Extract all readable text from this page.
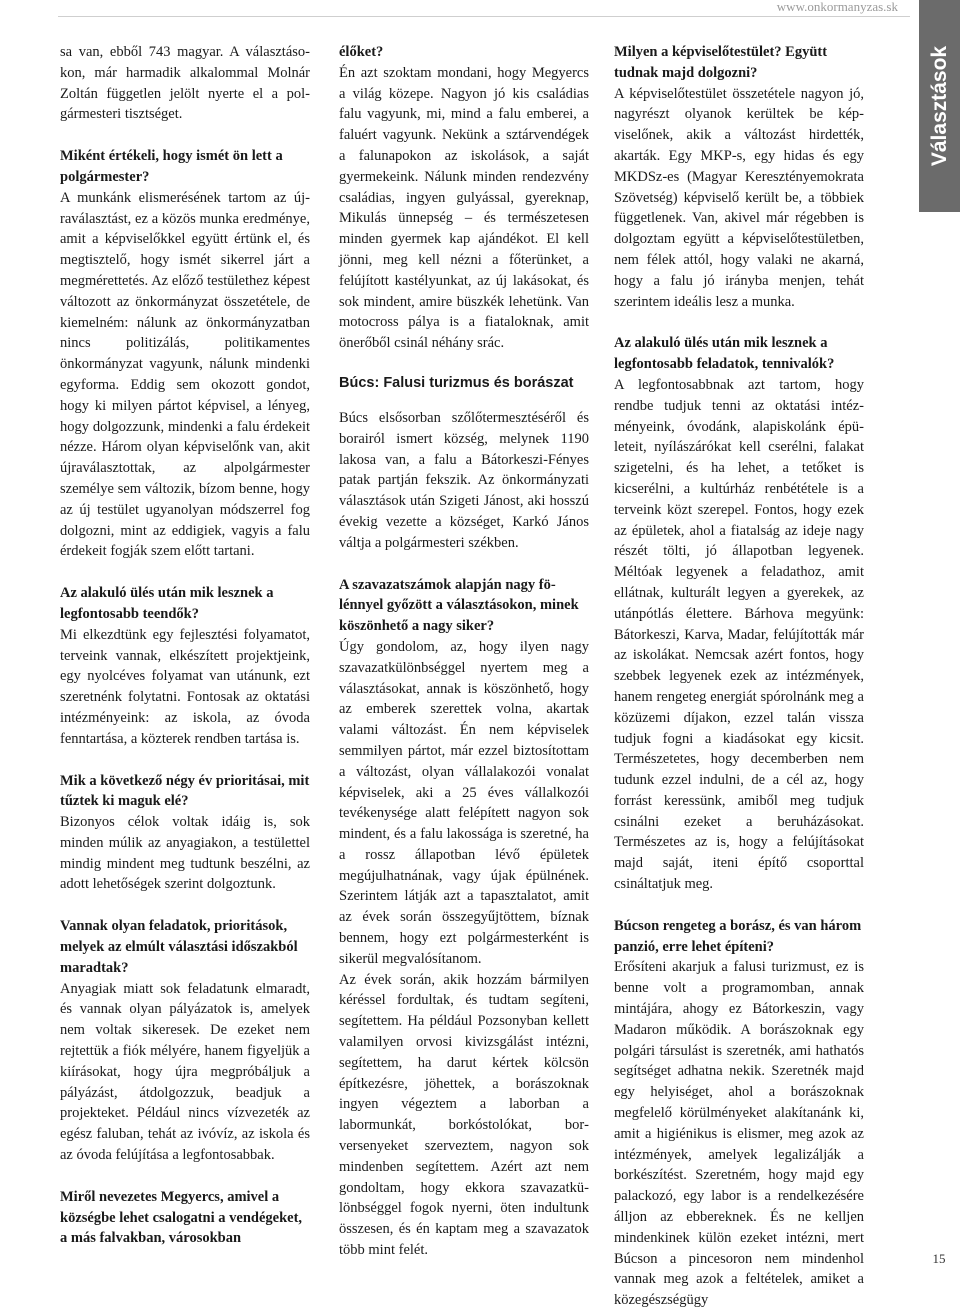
www.onkormanyzas.sk
Választások

sa van, ebből 743 magyar. A választásokon, már harmadik alkalommal Molnár Zoltán független jelölt nyerte el a polgármesteri tisztséget.

Miként értékeli, hogy ismét ön lett a polgármester?

A munkánk elismerésének tartom az újraválasztást, ez a közös munka eredménye, amit a képviselőkkel együtt értünk el, és megtisztelő, hogy ismét sikerrel járt a megmérettetés. Az előző testülethez képest változott az önkormányzat összetétele, de kiemelném: nálunk az önkormányzatban nincs politizálás, politikamentes önkormányzat vagyunk, nálunk mindenki egyforma. Eddig sem okozott gondot, hogy ki milyen pártot képvisel, a lényeg, hogy dolgozzunk, mindenki a falu érdekeit nézze. Három olyan képviselőnk van, akit újraválasztottak, az alpolgármester személye sem változik, bízom benne, hogy az új testület ugyanolyan módszerrel fog dolgozni, mint az eddigiek, vagyis a falu érdekeit fogják szem előtt tartani.

Az alakuló ülés után mik lesznek a legfontosabb teendők?

Mi elkezdtünk egy fejlesztési folyamatot, terveink vannak, elkészített projektjeink, egy nyolcéves folyamat van utánunk, ezt szeretnénk folytatni. Fontosak az oktatási intézményeink: az iskola, az óvoda fenntartása, a közterek rendben tartása is.

Mik a következő négy év prioritásai, mit tűztek ki maguk elé?

Bizonyos célok voltak idáig is, sok minden múlik az anyagiakon, a testülettel mindig mindent meg tudtunk beszélni, az adott lehetőségek szerint dolgoztunk.

Vannak olyan feladatok, prioritások, melyek az elmúlt választási időszakból maradtak?

Anyagiak miatt sok feladatunk elmaradt, és vannak olyan pályázatok is, amelyek nem voltak sikeresek. De ezeket nem rejtettük a fiók mélyére, hanem figyeljük a kiírásokat, hogy újra megpróbáljuk a pályázást, átdolgozzuk, beadjuk a projekteket. Például nincs vízvezeték az egész faluban, tehát az ivóvíz, az iskola és az óvoda felújítása a legfontosabbak.

Miről nevezetes Megyercs, amivel a községbe lehet csalogatni a vendégeket, a más falvakban, városokban

élőket?

Én azt szoktam mondani, hogy Megyercs a világ közepe. Nagyon jó kis családias falu vagyunk, mi, mind a falu emberei, a faluért vagyunk. Nekünk a sztárvendégek a falunapokon az iskolások, a saját gyermekeink. Nálunk minden rendezvény családias, ingyen gulyással, gyereknap, Mikulás ünnepség – és természetesen minden gyermek kap ajándékot. El kell jönni, meg kell nézni a főterünket, a felújított kastélyunkat, az új lakásokat, és sok mindent, amire büszkék lehetünk. Van motocross pálya is a fiataloknak, amit önerőből csinál néhány srác.

Búcs: Falusi turizmus és borászat

Búcs elsősorban szőlőtermesztéséről és borairól ismert község, melynek 1190 lakosa van, a falu a Bátorkeszi-Fényes patak partján fekszik. Az önkormányzati választások után Szigeti Jánost, aki hosszú évekig vezette a községet, Karkó János váltja a polgármesteri székben.

A szavazatszámok alapján nagy fölénnyel győzött a választásokon, minek köszönhető a nagy siker?

Úgy gondolom, az, hogy ilyen nagy szavazatkülönbséggel nyertem meg a választásokat, annak is köszönhető, hogy az emberek szerettek volna, akartak valami változást. Én nem képviselek semmilyen pártot, már ezzel biztosítottam a változást, olyan vállalakozói vonalat képviselek, aki a 25 éves vállalkozói tevékenysége alatt felépített nagyon sok mindent, és a falu lakossága is szeretné, ha a rossz állapotban lévő épületek megújulhatnának, vagy újak épülnének. Szerintem látják azt a tapasztalatot, amit az évek során összegyűjtöttem, bíznak bennem, hogy ezt polgármesterként is sikerül megvalósítanom.

Az évek során, akik hozzám bármilyen kéréssel fordultak, és tudtam segíteni, segítettem. Ha például Pozsonyban kellett valamilyen orvosi kivizsgálást intézni, segítettem, ha darut kértek kölcsön építkezésre, jöhettek, a borászoknak ingyen végeztem a laborban a labormunkát, borkóstolókat, borversenyeket szerveztem, nagyon sok mindenben segítettem. Azért azt nem gondoltam, hogy ekkora szavazatkülönbséggel fogok nyerni, öten indultunk összesen, és én kaptam meg a szavazatok több mint felét.

Milyen a képviselőtestület? Együtt tudnak majd dolgozni?

A képviselőtestület összetétele nagyon jó, nagyrészt olyanok kerültek be képviselőnek, akik a változást hirdették, akarták. Egy MKP-s, egy hidas és egy MKDSz-es (Magyar Keresztényemokrata Szövetség) képviselő került be, a többiek függetlenek. Van, akivel már régebben is dolgoztam együtt a képviselőtestületben, nem félek attól, hogy valaki ne akarná, hogy a falu jó irányba menjen, tehát szerintem ideális lesz a munka.

Az alakuló ülés után mik lesznek a legfontosabb feladatok, tennivalók?

A legfontosabbnak azt tartom, hogy rendbe tudjuk tenni az oktatási intézményeink, óvodánk, alapiskolánk épületeit, nyílászárókat kell cserélni, falakat szigetelni, és ha lehet, a tetőket is kicserélni, a kultúrház renbététele is a terveink közt szerepel. Fontos, hogy ezek az épületek, ahol a fiatalság az ideje nagy részét tölti, jó állapotban legyenek. Méltóak legyenek a feladathoz, amit ellátnak, kulturált legyen a gyerekek, az utánpótlás élettere. Bárhova megyünk: Bátorkeszi, Karva, Madar, felújították már az iskolákat. Nemcsak azért fontos, hogy szebbek legyenek ezek az intézmények, hanem rengeteg energiát spórolnánk meg a közüzemi díjakon, ezzel talán vissza tudjuk fogni a kiadásokat egy kicsit. Természetetes, hogy decemberben nem tudunk ezzel indulni, de a cél az, hogy forrást keressünk, amiből meg tudjuk csinálni ezeket a beruházásokat. Természetes az is, hogy a felújításokat majd saját, iteni építő csoporttal csináltatjuk meg.

Búcson rengeteg a borász, és van három panzió, erre lehet építeni?

Erősíteni akarjuk a falusi turizmust, ez is benne volt a programomban, annak mintájára, ahogy ez Bátorkeszin, vagy Madaron működik. A borászoknak egy polgári társulást is szeretnék, ami hathatós segítséget adhatna nekik. Szeretnék majd egy helyiséget, ahol a borászoknak megfelelő körülményeket alakítanánk ki, amit a higiénikus is elismer, meg azok az intézmények, amelyek legalizálják a borkészítést. Szeretném, hogy majd egy palackozó, egy labor is a rendelkezésére álljon az ebbereknek. És ne kelljen mindenkinek külön ezeket intézni, mert Búcson a pincesoron nem mindenhol vannak meg azok a feltételek, amiket a közegészségügy

15
